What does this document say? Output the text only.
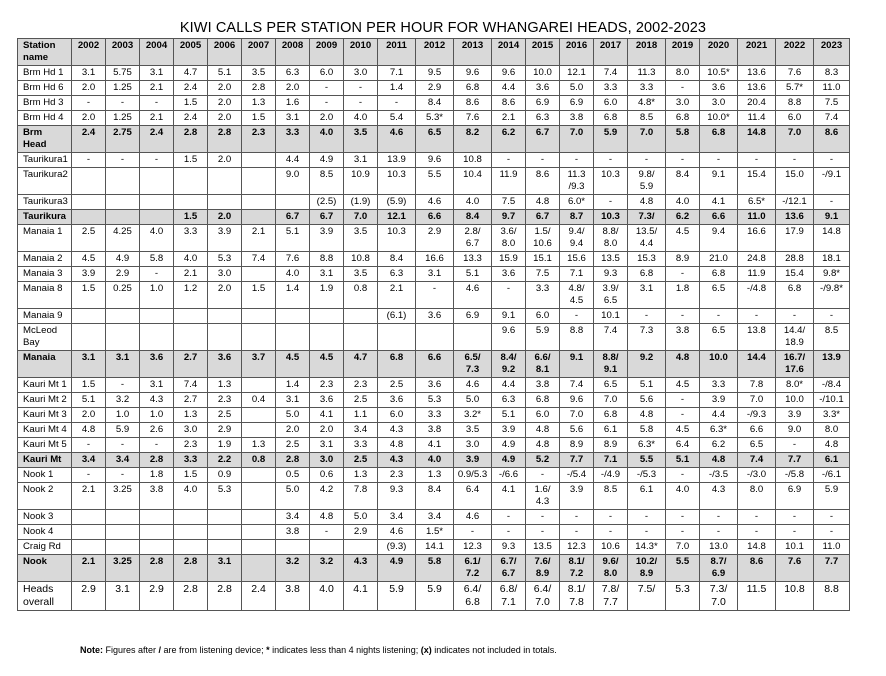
KIWI CALLS PER STATION PER HOUR FOR WHANGAREI HEADS, 2002-2023
Station name	2002	2003	2004	2005	2006	2007	2008	2009	2010	2011	2012	2013	2014	2015	2016	2017	2018	2019	2020	2021	2022	2023
Brm Hd 1	3.1	5.75	3.1	4.7	5.1	3.5	6.3	6.0	3.0	7.1	9.5	9.6	9.6	10.0	12.1	7.4	11.3	8.0	10.5*	13.6	7.6	8.3
Brm Hd 6	2.0	1.25	2.1	2.4	2.0	2.8	2.0	-	-	1.4	2.9	6.8	4.4	3.6	5.0	3.3	3.3	-	3.6	13.6	5.7*	11.0
Brm Hd 3	-	-	-	1.5	2.0	1.3	1.6	-	-	-	8.4	8.6	8.6	6.9	6.9	6.0	4.8*	3.0	3.0	20.4	8.8	7.5
Brm Hd 4	2.0	1.25	2.1	2.4	2.0	1.5	3.1	2.0	4.0	5.4	5.3*	7.6	2.1	6.3	3.8	6.8	8.5	6.8	10.0*	11.4	6.0	7.4
Brm Head	2.4	2.75	2.4	2.8	2.8	2.3	3.3	4.0	3.5	4.6	6.5	8.2	6.2	6.7	7.0	5.9	7.0	5.8	6.8	14.8	7.0	8.6
Taurikura1	-	-	-	1.5	2.0		4.4	4.9	3.1	13.9	9.6	10.8	-	-	-	-	-	-	-	-	-	-
Taurikura2							9.0	8.5	10.9	10.3	5.5	10.4	11.9	8.6	11.3 /9.3	10.3	9.8/ 5.9	8.4	9.1	15.4	15.0	-/9.1
Taurikura3								(2.5)	(1.9)	(5.9)	4.6	4.0	7.5	4.8	6.0*	-	4.8	4.0	4.1	6.5*	-/12.1	-
Taurikura				1.5	2.0		6.7	6.7	7.0	12.1	6.6	8.4	9.7	6.7	8.7	10.3	7.3/	6.2	6.6	11.0	13.6	9.1
Manaia 1	2.5	4.25	4.0	3.3	3.9	2.1	5.1	3.9	3.5	10.3	2.9	2.8/ 6.7	3.6/ 8.0	1.5/ 10.6	9.4/ 9.4	8.8/ 8.0	13.5/ 4.4	4.5	9.4	16.6	17.9	14.8
Manaia 2	4.5	4.9	5.8	4.0	5.3	7.4	7.6	8.8	10.8	8.4	16.6	13.3	15.9	15.1	15.6	13.5	15.3	8.9	21.0	24.8	28.8	18.1
Manaia 3	3.9	2.9	-	2.1	3.0		4.0	3.1	3.5	6.3	3.1	5.1	3.6	7.5	7.1	9.3	6.8	-	6.8	11.9	15.4	9.8*
Manaia 8	1.5	0.25	1.0	1.2	2.0	1.5	1.4	1.9	0.8	2.1	-	4.6	-	3.3	4.8/ 4.5	3.9/ 6.5	3.1	1.8	6.5	-/4.8	6.8	-/9.8*
Manaia 9										(6.1)	3.6	6.9	9.1	6.0	-	10.1	-	-	-	-	-	-
McLeod Bay													9.6	5.9	8.8	7.4	7.3	3.8	6.5	13.8	14.4/ 18.9	8.5
Manaia	3.1	3.1	3.6	2.7	3.6	3.7	4.5	4.5	4.7	6.8	6.6	6.5/ 7.3	8.4/ 9.2	6.6/ 8.1	9.1	8.8/ 9.1	9.2	4.8	10.0	14.4	16.7/ 17.6	13.9
Kauri Mt 1	1.5	-	3.1	7.4	1.3		1.4	2.3	2.3	2.5	3.6	4.6	4.4	3.8	7.4	6.5	5.1	4.5	3.3	7.8	8.0*	-/8.4
Kauri Mt 2	5.1	3.2	4.3	2.7	2.3	0.4	3.1	3.6	2.5	3.6	5.3	5.0	6.3	6.8	9.6	7.0	5.6	-	3.9	7.0	10.0	-/10.1
Kauri Mt 3	2.0	1.0	1.0	1.3	2.5		5.0	4.1	1.1	6.0	3.3	3.2*	5.1	6.0	7.0	6.8	4.8	-	4.4	-/9.3	3.9	3.3*
Kauri Mt 4	4.8	5.9	2.6	3.0	2.9		2.0	2.0	3.4	4.3	3.8	3.5	3.9	4.8	5.6	6.1	5.8	4.5	6.3*	6.6	9.0	8.0
Kauri Mt 5	-	-	-	2.3	1.9	1.3	2.5	3.1	3.3	4.8	4.1	3.0	4.9	4.8	8.9	8.9	6.3*	6.4	6.2	6.5	-	4.8
Kauri Mt	3.4	3.4	2.8	3.3	2.2	0.8	2.8	3.0	2.5	4.3	4.0	3.9	4.9	5.2	7.7	7.1	5.5	5.1	4.8	7.4	7.7	6.1
Nook 1	-	-	1.8	1.5	0.9		0.5	0.6	1.3	2.3	1.3	0.9/5.3	-/6.6	-	-/5.4	-/4.9	-/5.3	-	-/3.5	-/3.0	-/5.8	-/6.1
Nook 2	2.1	3.25	3.8	4.0	5.3		5.0	4.2	7.8	9.3	8.4	6.4	4.1	1.6/ 4.3	3.9	8.5	6.1	4.0	4.3	8.0	6.9	5.9
Nook 3							3.4	4.8	5.0	3.4	3.4	4.6	-	-	-	-	-	-	-	-	-	-
Nook 4							3.8	-	2.9	4.6	1.5*	-	-	-	-	-	-	-	-	-	-	-
Craig Rd										(9.3)	14.1	12.3	9.3	13.5	12.3	10.6	14.3*	7.0	13.0	14.8	10.1	11.0
Nook	2.1	3.25	2.8	2.8	3.1		3.2	3.2	4.3	4.9	5.8	6.1/ 7.2	6.7/ 6.7	7.6/ 8.9	8.1/ 7.2	9.6/ 8.0	10.2/ 8.9	5.5	8.7/ 6.9	8.6	7.6	7.7
Heads overall	2.9	3.1	2.9	2.8	2.8	2.4	3.8	4.0	4.1	5.9	5.9	6.4/ 6.8	6.8/ 7.1	6.4/ 7.0	8.1/ 7.8	7.8/ 7.7	7.5/	5.3	7.3/ 7.0	11.5	10.8	8.8
Note: Figures after / are from listening device; * indicates less than 4 nights listening; (x) indicates not included in totals.
